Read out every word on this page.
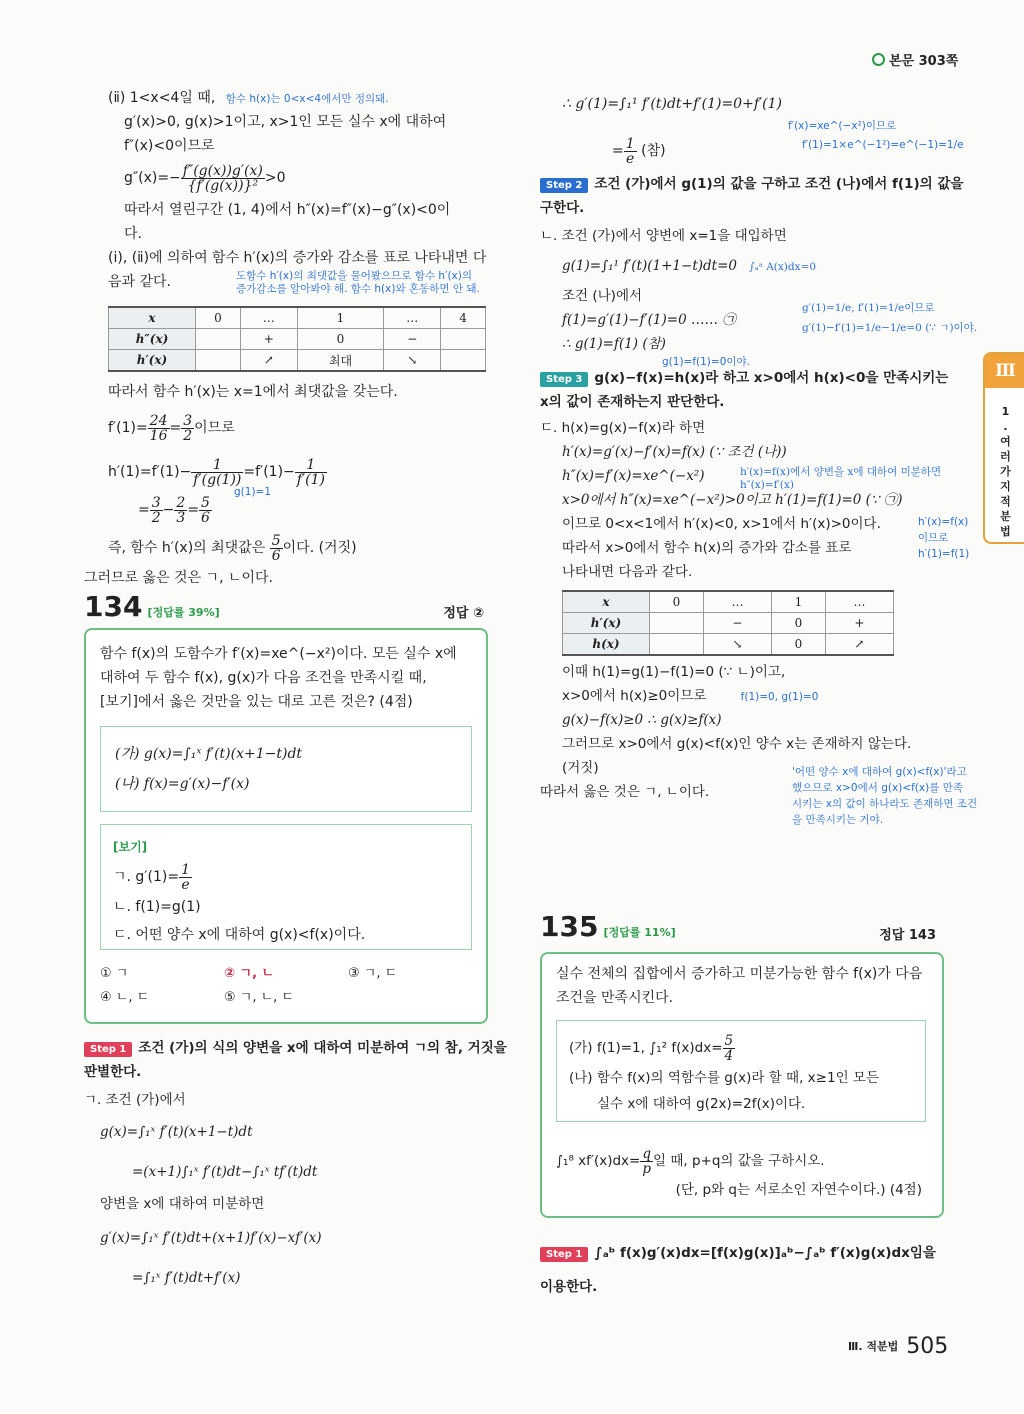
본문 303쪽
Ⅲ
1
.
여
러
가
지
적
분
법
(ⅱ) 1<x<4일 때, 함수 h(x)는 0<x<4에서만 정의돼.
g′(x)>0, g(x)>1이고, x>1인 모든 실수 x에 대하여
f″(x)<0이므로
$g''(x)=- \frac{f''(g(x))g'(x)}{\text{\{f′(g(x))\}²}} >0$
따라서 열린구간 (1, 4)에서 h″(x)=f″(x)−g″(x)<0이
다.
(ⅰ), (ⅱ)에 의하여 함수 h′(x)의 증가와 감소를 표로 나타내면 다
음과 같다.	도함수 h′(x)의 최댓값을 물어봤으므로 함수 h′(x)의
증가감소를 알아봐야 해. 함수 h(x)와 혼동하면 안 돼.
x	0	…	1	…	4
h″(x)		+	0	−	
h′(x)		↗	최대	↘	
따라서 함수 h′(x)는 x=1에서 최댓값을 갖는다.
$f'(1)= \frac{24}{16} = \frac{3}{2}$ 이므로
$h'(1)=f'(1)- \frac{1}{f'(g(1))} =f'(1)- \frac{1}{f'(1)}$
= $\frac{3}{2} - \frac{2}{3} = \frac{5}{6}$
g(1)=1
즉, 함수 h′(x)의 최댓값은 $\frac{5}{6}$ 이다. (거짓)
그러므로 옳은 것은 ㄱ, ㄴ이다.
134 [정답률 39%]	정답 ②
함수 f(x)의 도함수가 f′(x)=xe^(−x²)이다. 모든 실수 x에
대하여 두 함수 f(x), g(x)가 다음 조건을 만족시킬 때,
[보기]에서 옳은 것만을 있는 대로 고른 것은? (4점)
(가) g(x)=∫₁ˣ f′(t)(x+1−t)dt
(나) f(x)=g′(x)−f′(x)
[보기]
ㄱ. $g'(1)= \frac{1}{e}$
ㄴ. f(1)=g(1)
ㄷ. 어떤 양수 x에 대하여 g(x)<f(x)이다.
① ㄱ	② ㄱ, ㄴ	③ ㄱ, ㄷ
④ ㄴ, ㄷ	⑤ ㄱ, ㄴ, ㄷ
Step 1 조건 (가)의 식의 양변을 x에 대하여 미분하여 ㄱ의 참, 거짓을
판별한다.
ㄱ. 조건 (가)에서
g(x)=∫₁ˣ f′(t)(x+1−t)dt
=(x+1)∫₁ˣ f′(t)dt−∫₁ˣ tf′(t)dt
양변을 x에 대하여 미분하면
g′(x)=∫₁ˣ f′(t)dt+(x+1)f′(x)−xf′(x)
=∫₁ˣ f′(t)dt+f′(x)
∴ g′(1)=∫₁¹ f′(t)dt+f′(1)=0+f′(1)
f′(x)=xe^(−x²)이므로
= $\frac{1}{e}$ (참)	f′(1)=1×e^(−1²)=e^(−1)=1/e
Step 2 조건 (가)에서 g(1)의 값을 구하고 조건 (나)에서 f(1)의 값을
구한다.
ㄴ. 조건 (가)에서 양변에 x=1을 대입하면
g(1)=∫₁¹ f′(t)(1+1−t)dt=0 ∫ₐᵃ A(x)dx=0
조건 (나)에서
f(1)=g′(1)−f′(1)=0 …… ㉠
g′(1)=1/e, f′(1)=1/e이므로
g′(1)−f′(1)=1/e−1/e=0 (∵ ㄱ)이야.
∴ g(1)=f(1) (참)
g(1)=f(1)=0이야.
Step 3 g(x)−f(x)=h(x)라 하고 x>0에서 h(x)<0을 만족시키는
x의 값이 존재하는지 판단한다.
ㄷ. h(x)=g(x)−f(x)라 하면
h′(x)=g′(x)−f′(x)=f(x) (∵ 조건 (나))
h″(x)=f′(x)=xe^(−x²)	h′(x)=f(x)에서 양변을 x에 대하여 미분하면
h″(x)=f′(x)
x>0에서 h″(x)=xe^(−x²)>0이고 h′(1)=f(1)=0 (∵ ㉠)
이므로 0<x<1에서 h′(x)<0, x>1에서 h′(x)>0이다.
따라서 x>0에서 함수 h(x)의 증가와 감소를 표로
나타내면 다음과 같다.
h′(x)=f(x)
이므로
h′(1)=f(1)
x	0	…	1	…
h′(x)		−	0	+
h(x)		↘	0	↗
이때 h(1)=g(1)−f(1)=0 (∵ ㄴ)이고,
x>0에서 h(x)≥0이므로	f(1)=0, g(1)=0
g(x)−f(x)≥0 ∴ g(x)≥f(x)
그러므로 x>0에서 g(x)<f(x)인 양수 x는 존재하지 않는다.
(거짓)
따라서 옳은 것은 ㄱ, ㄴ이다.
'어떤 양수 x에 대하여 g(x)<f(x)'라고
했으므로 x>0에서 g(x)<f(x)를 만족
시키는 x의 값이 하나라도 존재하면 조건
을 만족시키는 거야.
135 [정답률 11%]	정답 143
실수 전체의 집합에서 증가하고 미분가능한 함수 f(x)가 다음
조건을 만족시킨다.
(가) f(1)=1, ∫₁² $f(x)dx= \frac{5}{4}$
(나) 함수 f(x)의 역함수를 g(x)라 할 때, x≥1인 모든
실수 x에 대하여 g(2x)=2f(x)이다.
∫₁⁸ $xf'(x)dx= \frac{q}{p}$ 일 때, p+q의 값을 구하시오.
(단, p와 q는 서로소인 자연수이다.) (4점)
Step 1 ∫ₐᵇ f(x)g′(x)dx=[f(x)g(x)]ₐᵇ−∫ₐᵇ f′(x)g(x)dx임을
이용한다.
Ⅲ. 적분법 505
